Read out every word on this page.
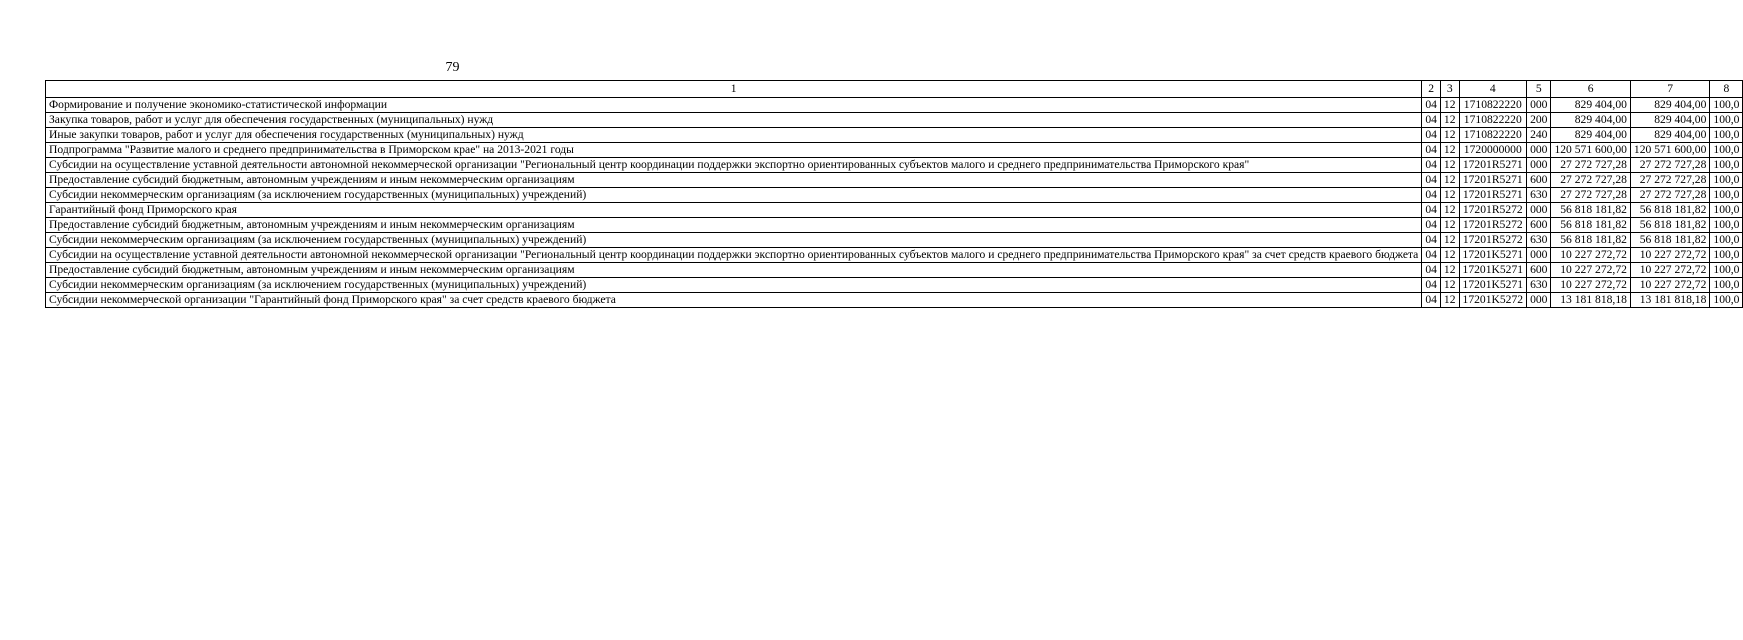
79
1	2	3	4	5	6	7	8
Формирование и получение экономико-статистической информации	04	12	1710822220	000	829 404,00	829 404,00	100,0
Закупка товаров, работ и услуг для обеспечения государственных (муниципальных) нужд	04	12	1710822220	200	829 404,00	829 404,00	100,0
Иные закупки товаров, работ и услуг для обеспечения государственных (муниципальных) нужд	04	12	1710822220	240	829 404,00	829 404,00	100,0
Подпрограмма "Развитие малого и среднего предпринимательства в Приморском крае" на 2013-2021 годы	04	12	1720000000	000	120 571 600,00	120 571 600,00	100,0
Субсидии на осуществление уставной деятельности автономной некоммерческой организации "Региональный центр координации поддержки экспортно ориентированных субъектов малого и среднего предпринимательства Приморского края"	04	12	17201R5271	000	27 272 727,28	27 272 727,28	100,0
Предоставление субсидий бюджетным, автономным учреждениям и иным некоммерческим организациям	04	12	17201R5271	600	27 272 727,28	27 272 727,28	100,0
Субсидии некоммерческим организациям (за исключением государственных (муниципальных) учреждений)	04	12	17201R5271	630	27 272 727,28	27 272 727,28	100,0
Гарантийный фонд Приморского края	04	12	17201R5272	000	56 818 181,82	56 818 181,82	100,0
Предоставление субсидий бюджетным, автономным учреждениям и иным некоммерческим организациям	04	12	17201R5272	600	56 818 181,82	56 818 181,82	100,0
Субсидии некоммерческим организациям (за исключением государственных (муниципальных) учреждений)	04	12	17201R5272	630	56 818 181,82	56 818 181,82	100,0
Субсидии на осуществление уставной деятельности автономной некоммерческой организации "Региональный центр координации поддержки экспортно ориентированных субъектов малого и среднего предпринимательства Приморского края" за счет средств краевого бюджета	04	12	17201K5271	000	10 227 272,72	10 227 272,72	100,0
Предоставление субсидий бюджетным, автономным учреждениям и иным некоммерческим организациям	04	12	17201K5271	600	10 227 272,72	10 227 272,72	100,0
Субсидии некоммерческим организациям (за исключением государственных (муниципальных) учреждений)	04	12	17201K5271	630	10 227 272,72	10 227 272,72	100,0
Субсидии некоммерческой организации "Гарантийный фонд Приморского края" за счет средств краевого бюджета	04	12	17201K5272	000	13 181 818,18	13 181 818,18	100,0
